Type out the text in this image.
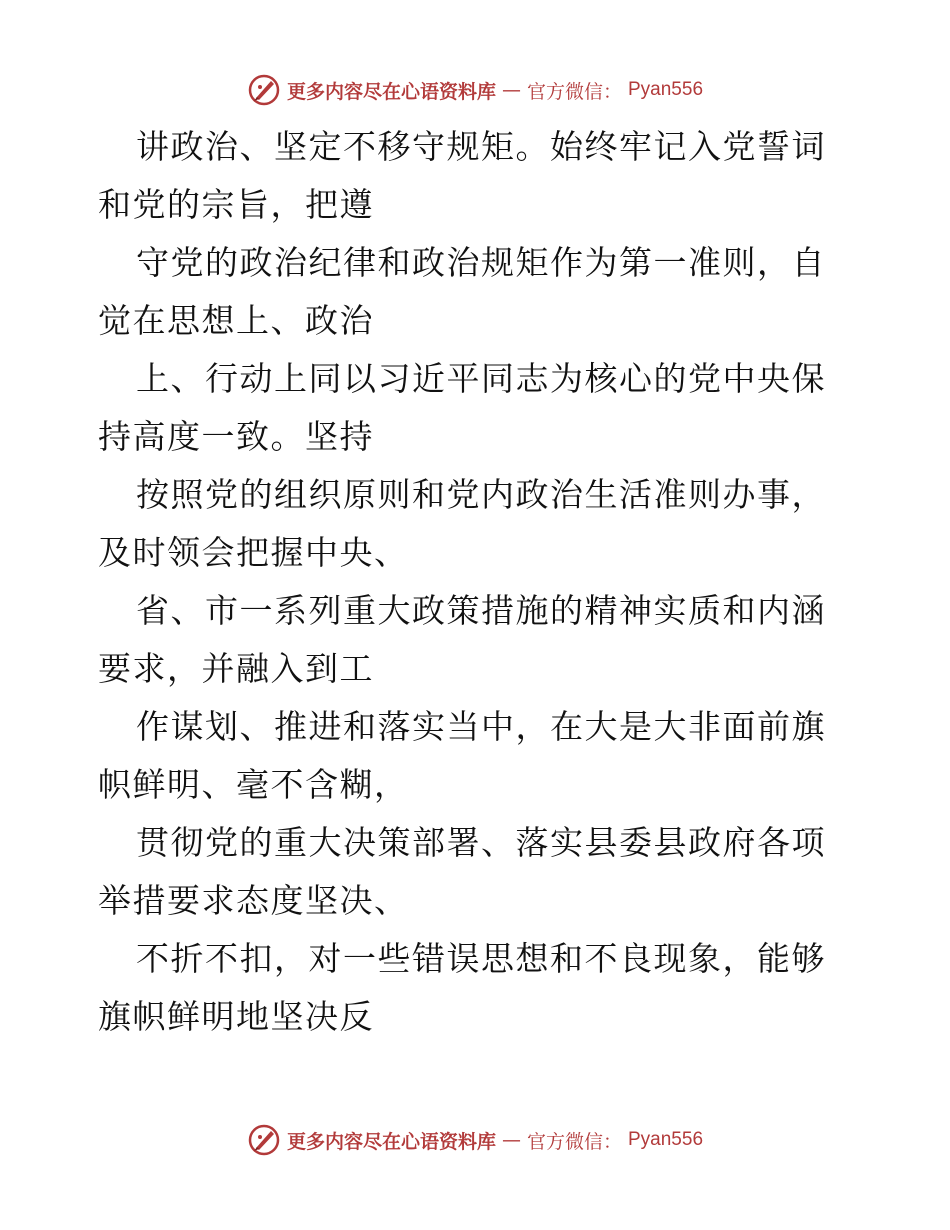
更多内容尽在心语资料库 — 官方微信： Pyan556

讲政治、坚定不移守规矩。始终牢记入党誓词和党的宗旨，把遵

守党的政治纪律和政治规矩作为第一准则，自觉在思想上、政治

上、行动上同以习近平同志为核心的党中央保持高度一致。坚持

按照党的组织原则和党内政治生活准则办事，及时领会把握中央、

省、市一系列重大政策措施的精神实质和内涵要求，并融入到工

作谋划、推进和落实当中，在大是大非面前旗帜鲜明、毫不含糊，

贯彻党的重大决策部署、落实县委县政府各项举措要求态度坚决、

不折不扣，对一些错误思想和不良现象，能够旗帜鲜明地坚决反

更多内容尽在心语资料库 — 官方微信： Pyan556
